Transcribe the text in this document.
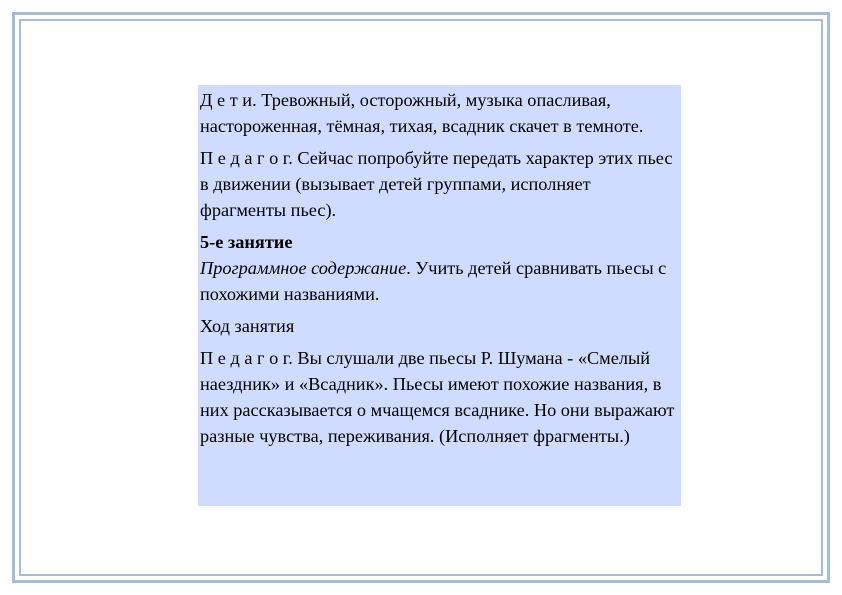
Д е т и. Тревожный, осторожный, музыка опасливая, настороженная, тёмная, тихая, всадник скачет в темноте.

П е д а г о г. Сейчас попробуйте передать характер этих пьес в движении (вызывает детей группами, исполняет фрагменты пьес).

5-е занятие

Программное содержание. Учить детей сравнивать пьесы с похожими названиями.

Ход занятия

П е д а г о г. Вы слушали две пьесы Р. Шумана - «Смелый наездник» и «Всадник». Пьесы имеют похожие названия, в них рассказывается о мчащемся всаднике. Но они выражают разные чувства, переживания. (Исполняет фрагменты.)
